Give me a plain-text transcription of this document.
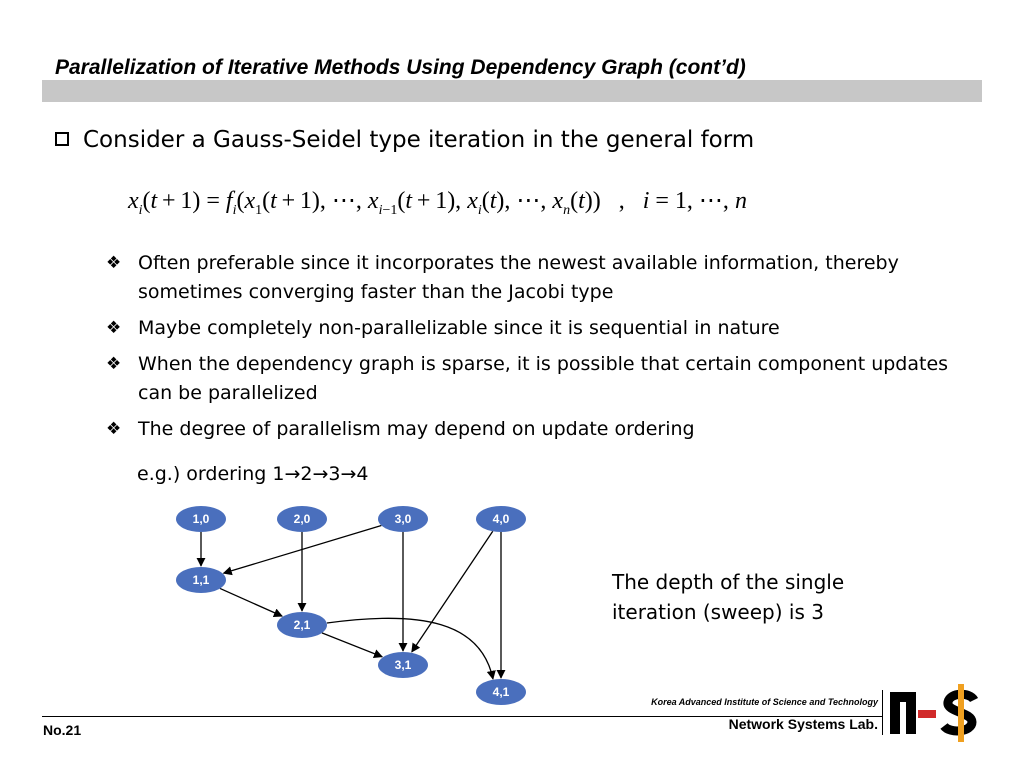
Parallelization of Iterative Methods Using Dependency Graph (cont’d)
Consider a Gauss-Seidel type iteration in the general form
$x_i(t + 1) = f_i(x_1(t + 1)$, ⋯, $x_{i-1}(t + 1)$, $x_i(t)$, ⋯, $x_n(t)$)   ,   i = 1, ⋯, n
❖ Often preferable since it incorporates the newest available information, thereby sometimes converging faster than the Jacobi type
❖ Maybe completely non-parallelizable since it is sequential in nature
❖ When the dependency graph is sparse, it is possible that certain component updates can be parallelized
❖ The degree of parallelism may depend on update ordering
e.g.) ordering 1→2→3→4
1,0	2,0	3,0	4,0
1,1
2,1
3,1
4,1
The depth of the single iteration (sweep) is 3
No.21
Korea Advanced Institute of Science and Technology
Network Systems Lab.
